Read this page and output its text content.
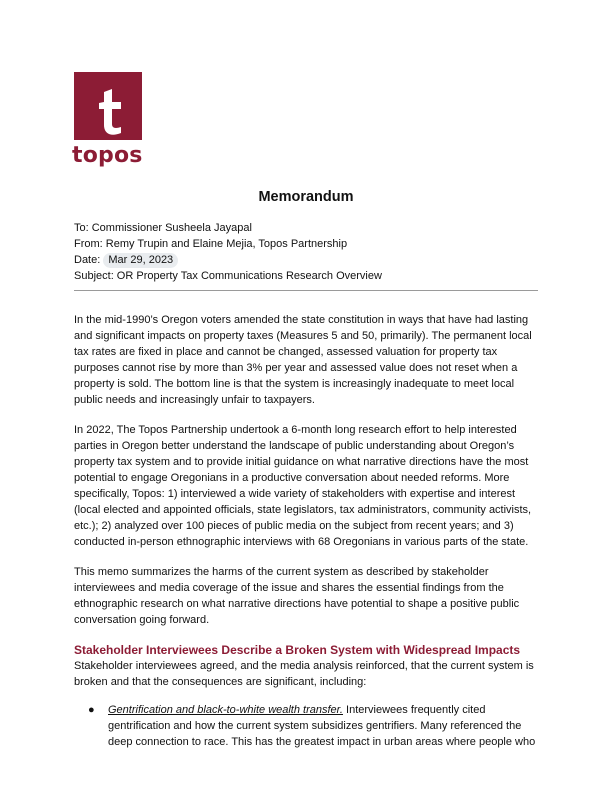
topos
Memorandum
To: Commissioner Susheela Jayapal
From: Remy Trupin and Elaine Mejia, Topos Partnership
Date: Mar 29, 2023
Subject: OR Property Tax Communications Research Overview

In the mid-1990’s Oregon voters amended the state constitution in ways that have had lasting and significant impacts on property taxes (Measures 5 and 50, primarily). The permanent local tax rates are fixed in place and cannot be changed, assessed valuation for property tax purposes cannot rise by more than 3% per year and assessed value does not reset when a property is sold. The bottom line is that the system is increasingly inadequate to meet local public needs and increasingly unfair to taxpayers.

In 2022, The Topos Partnership undertook a 6-month long research effort to help interested parties in Oregon better understand the landscape of public understanding about Oregon’s property tax system and to provide initial guidance on what narrative directions have the most potential to engage Oregonians in a productive conversation about needed reforms. More specifically, Topos: 1) interviewed a wide variety of stakeholders with expertise and interest (local elected and appointed officials, state legislators, tax administrators, community activists, etc.); 2) analyzed over 100 pieces of public media on the subject from recent years; and 3) conducted in-person ethnographic interviews with 68 Oregonians in various parts of the state.

This memo summarizes the harms of the current system as described by stakeholder interviewees and media coverage of the issue and shares the essential findings from the ethnographic research on what narrative directions have potential to shape a positive public conversation going forward.

Stakeholder Interviewees Describe a Broken System with Widespread Impacts
Stakeholder interviewees agreed, and the media analysis reinforced, that the current system is broken and that the consequences are significant, including:
● Gentrification and black-to-white wealth transfer. Interviewees frequently cited gentrification and how the current system subsidizes gentrifiers. Many referenced the deep connection to race. This has the greatest impact in urban areas where people who
